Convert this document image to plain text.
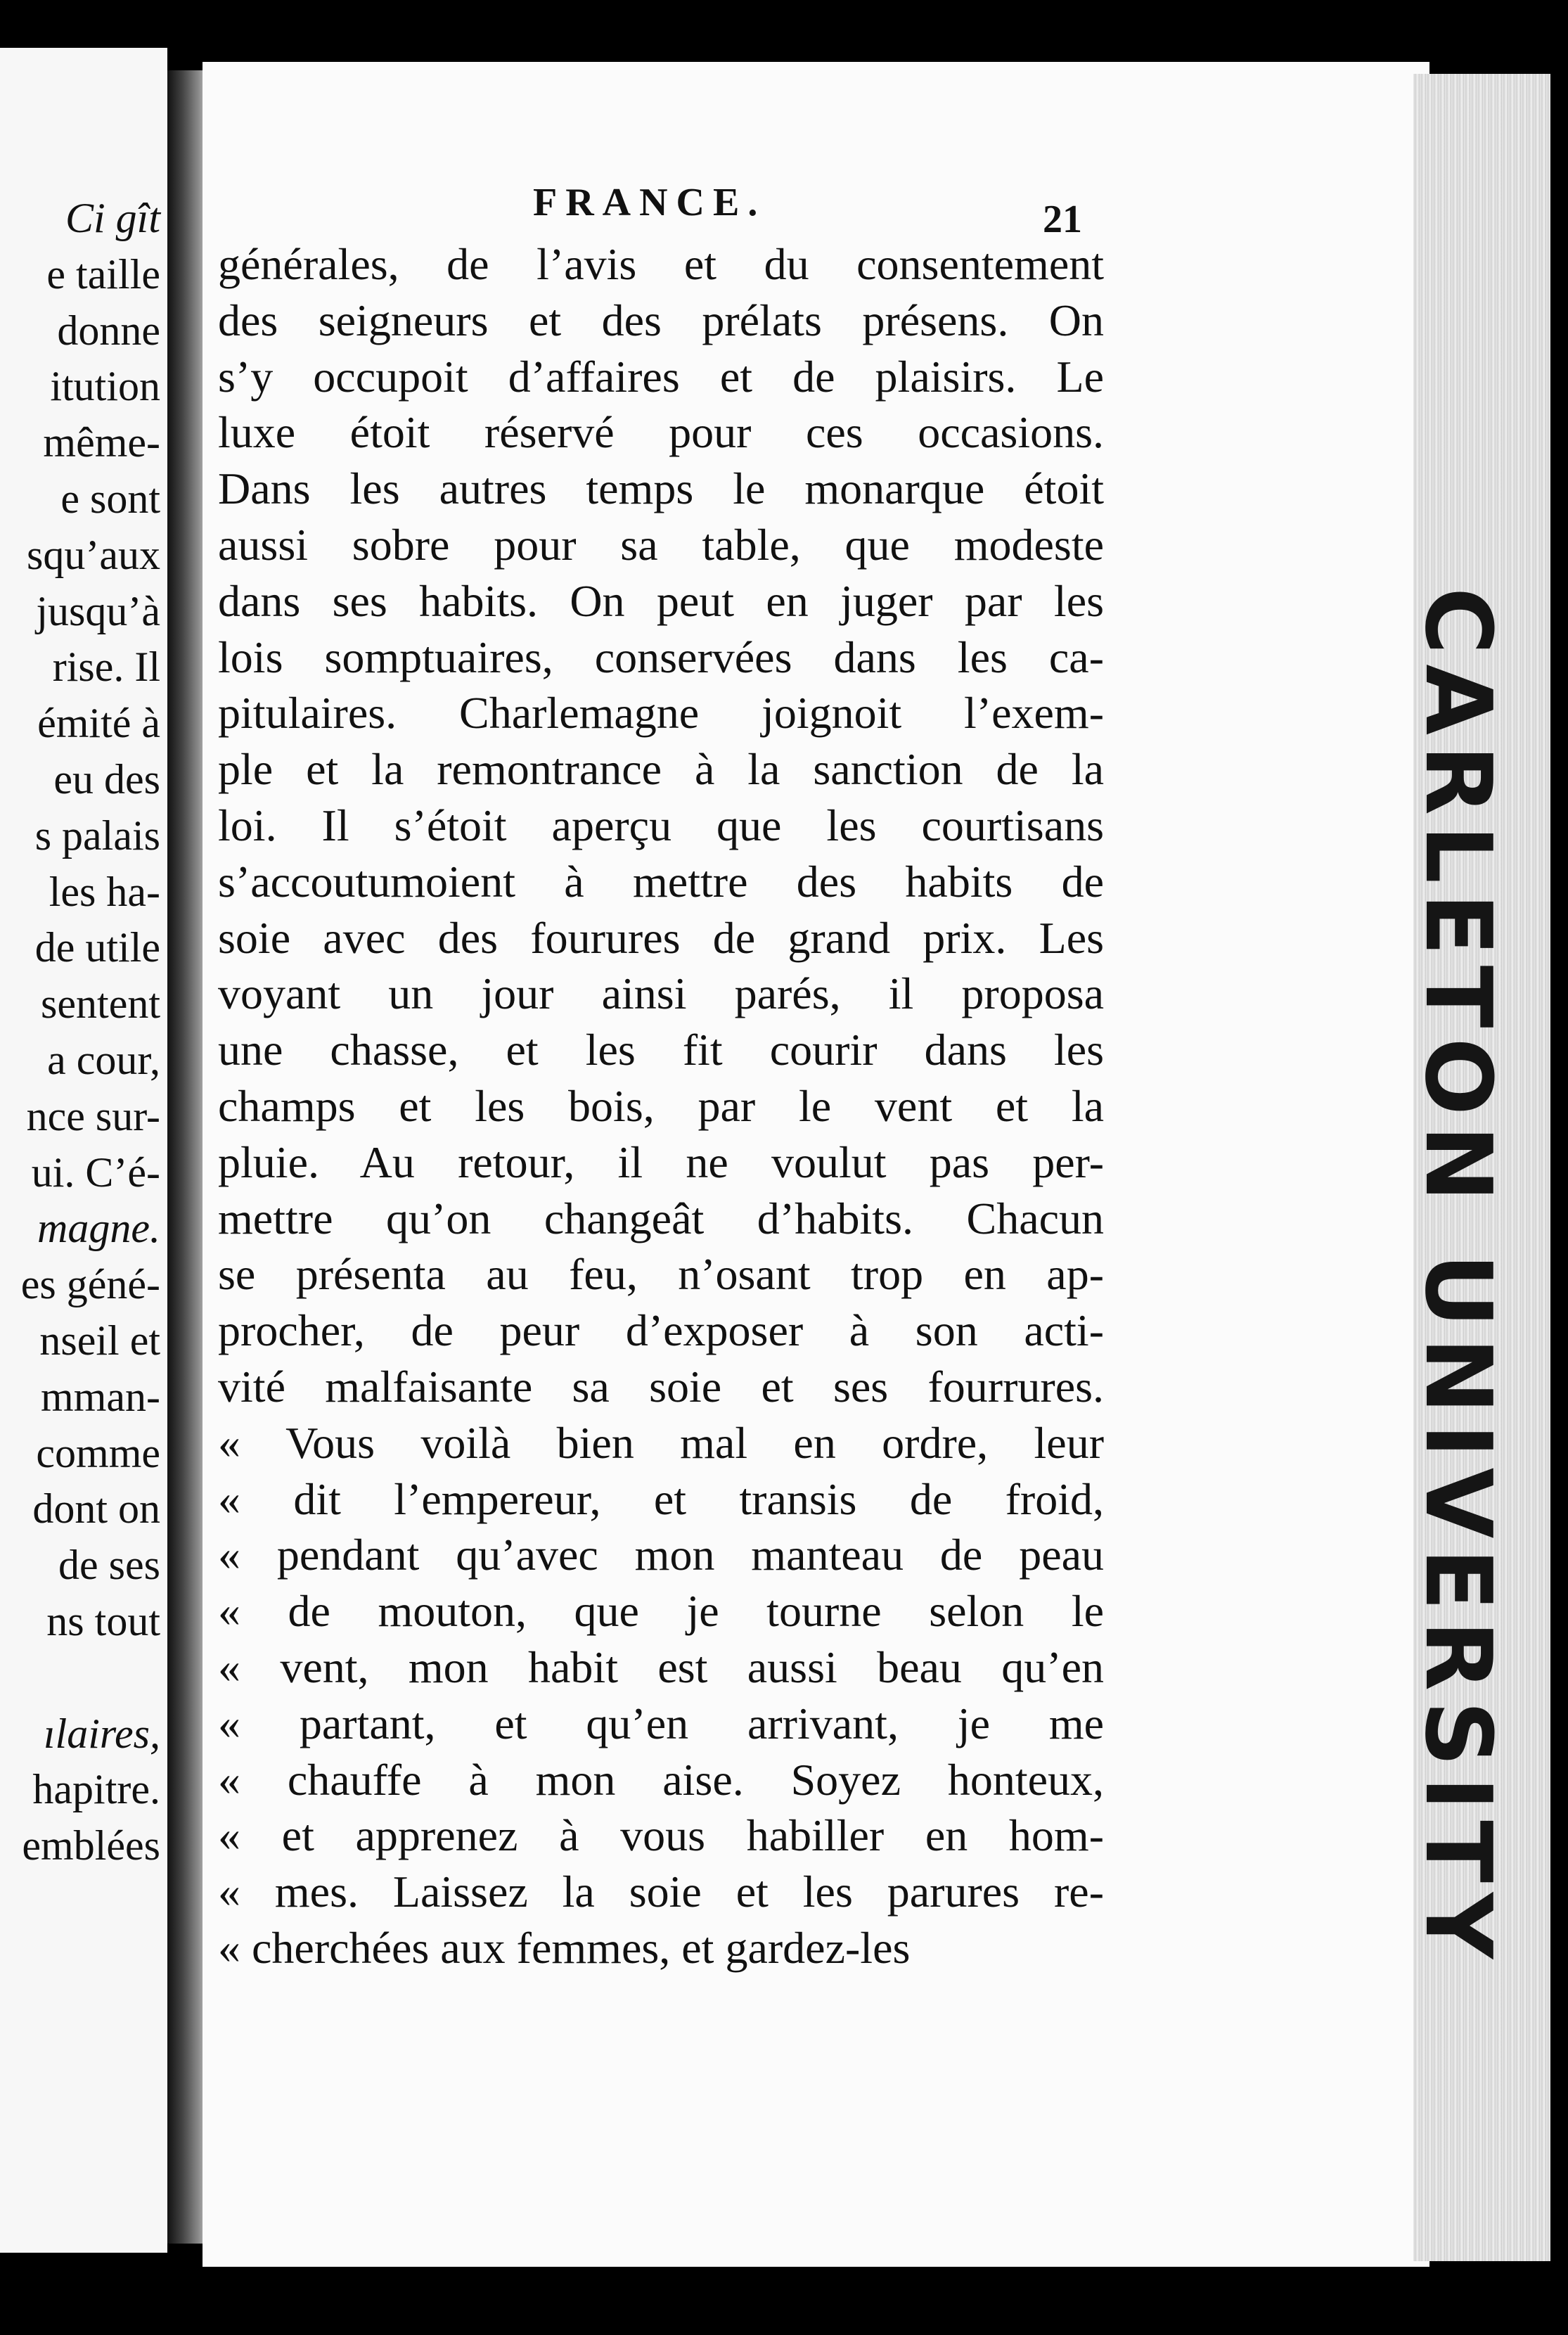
Ci gît
e taille
donne
itution
même-
e sont
squ’aux
jusqu’à
rise. Il
émité à
eu des
s palais
les ha-
de utile
sentent
a cour,
nce sur-
ui. C’é-
magne.
es géné-
nseil et
mman-
comme
dont on
de ses
ns tout
ılaires,
hapitre.
emblées
FRANCE.	21
générales, de l’avis et du consentement
des seigneurs et des prélats présens. On
s’y occupoit d’affaires et de plaisirs. Le
luxe étoit réservé pour ces occasions.
Dans les autres temps le monarque étoit
aussi sobre pour sa table, que modeste
dans ses habits. On peut en juger par les
lois somptuaires, conservées dans les ca-
pitulaires. Charlemagne joignoit l’exem-
ple et la remontrance à la sanction de la
loi. Il s’étoit aperçu que les courtisans
s’accoutumoient à mettre des habits de
soie avec des fourures de grand prix. Les
voyant un jour ainsi parés, il proposa
une chasse, et les fit courir dans les
champs et les bois, par le vent et la
pluie. Au retour, il ne voulut pas per-
mettre qu’on changeât d’habits. Chacun
se présenta au feu, n’osant trop en ap-
procher, de peur d’exposer à son acti-
vité malfaisante sa soie et ses fourrures.
« Vous voilà bien mal en ordre, leur
« dit l’empereur, et transis de froid,
« pendant qu’avec mon manteau de peau
« de mouton, que je tourne selon le
« vent, mon habit est aussi beau qu’en
« partant, et qu’en arrivant, je me
« chauffe à mon aise. Soyez honteux,
« et apprenez à vous habiller en hom-
« mes. Laissez la soie et les parures re-
« cherchées aux femmes, et gardez-les	CARLETON UNIVERSITY
